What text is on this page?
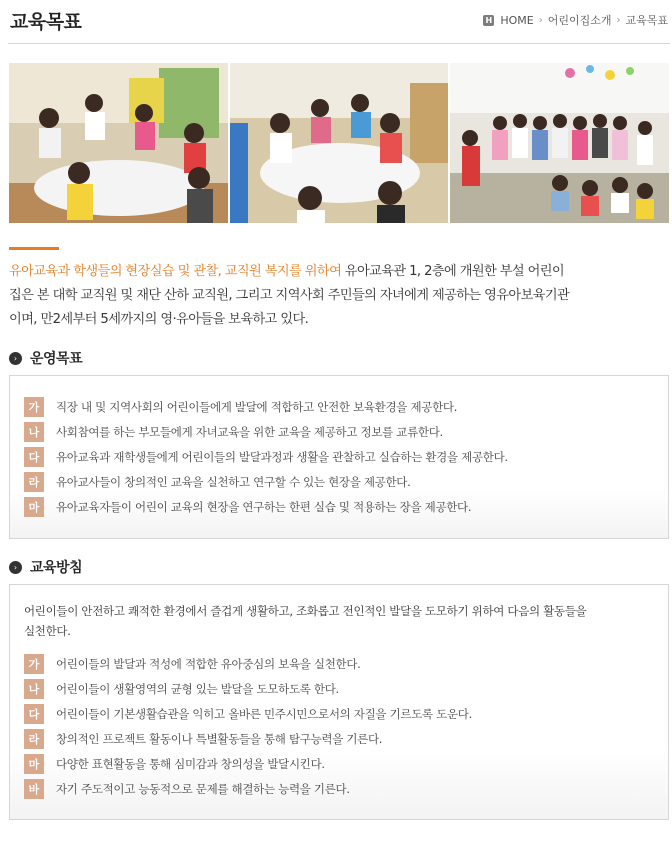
교육목표	H HOME › 어린이집소개 › 교육목표
유아교육과 학생들의 현장실습 및 관찰, 교직원 복지를 위하여 유아교육관 1, 2층에 개원한 부설 어린이
집은 본 대학 교직원 및 재단 산하 교직원, 그리고 지역사회 주민들의 자녀에게 제공하는 영유아보육기관
이며, 만2세부터 5세까지의 영·유아들을 보육하고 있다.
› 운영목표
가	직장 내 및 지역사회의 어린이들에게 발달에 적합하고 안전한 보육환경을 제공한다.
나	사회참여를 하는 부모들에게 자녀교육을 위한 교육을 제공하고 정보를 교류한다.
다	유아교육과 재학생들에게 어린이들의 발달과정과 생활을 관찰하고 실습하는 환경을 제공한다.
라	유아교사들이 창의적인 교육을 실천하고 연구할 수 있는 현장을 제공한다.
마	유아교육자들이 어린이 교육의 현장을 연구하는 한편 실습 및 적용하는 장을 제공한다.
› 교육방침
어린이들이 안전하고 쾌적한 환경에서 즐겁게 생활하고, 조화롭고 전인적인 발달을 도모하기 위하여 다음의 활동들을
실천한다.
가	어린이들의 발달과 적성에 적합한 유아중심의 보육을 실천한다.
나	어린이들이 생활영역의 균형 있는 발달을 도모하도록 한다.
다	어린이들이 기본생활습관을 익히고 올바른 민주시민으로서의 자질을 기르도록 도운다.
라	창의적인 프로젝트 활동이나 특별활동들을 통해 탐구능력을 기른다.
마	다양한 표현활동을 통해 심미감과 창의성을 발달시킨다.
바	자기 주도적이고 능동적으로 문제를 해결하는 능력을 기른다.
